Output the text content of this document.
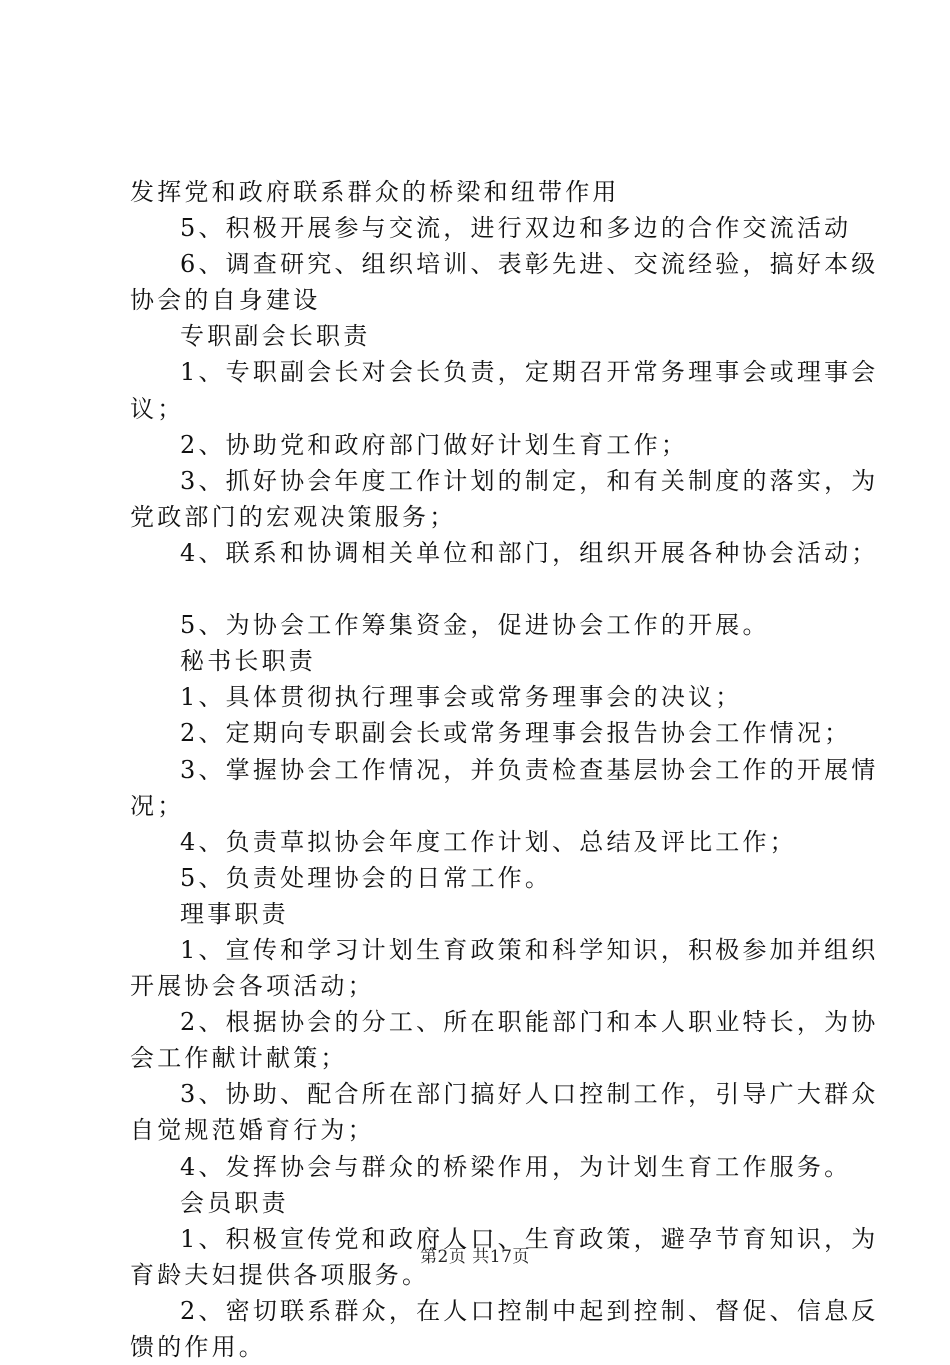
发挥党和政府联系群众的桥梁和纽带作用
5、积极开展参与交流，进行双边和多边的合作交流活动
6、调查研究、组织培训、表彰先进、交流经验，搞好本级
协会的自身建设
专职副会长职责
1、专职副会长对会长负责，定期召开常务理事会或理事会
议；
2、协助党和政府部门做好计划生育工作；
3、抓好协会年度工作计划的制定，和有关制度的落实，为
党政部门的宏观决策服务；
4、联系和协调相关单位和部门，组织开展各种协会活动；
5、为协会工作筹集资金，促进协会工作的开展。
秘书长职责
1、具体贯彻执行理事会或常务理事会的决议；
2、定期向专职副会长或常务理事会报告协会工作情况；
3、掌握协会工作情况，并负责检查基层协会工作的开展情
况；
4、负责草拟协会年度工作计划、总结及评比工作；
5、负责处理协会的日常工作。
理事职责
1、宣传和学习计划生育政策和科学知识，积极参加并组织
开展协会各项活动；
2、根据协会的分工、所在职能部门和本人职业特长，为协
会工作献计献策；
3、协助、配合所在部门搞好人口控制工作，引导广大群众
自觉规范婚育行为；
4、发挥协会与群众的桥梁作用，为计划生育工作服务。
会员职责
1、积极宣传党和政府人口、生育政策，避孕节育知识，为
育龄夫妇提供各项服务。
2、密切联系群众，在人口控制中起到控制、督促、信息反
馈的作用。
第2页 共17页
